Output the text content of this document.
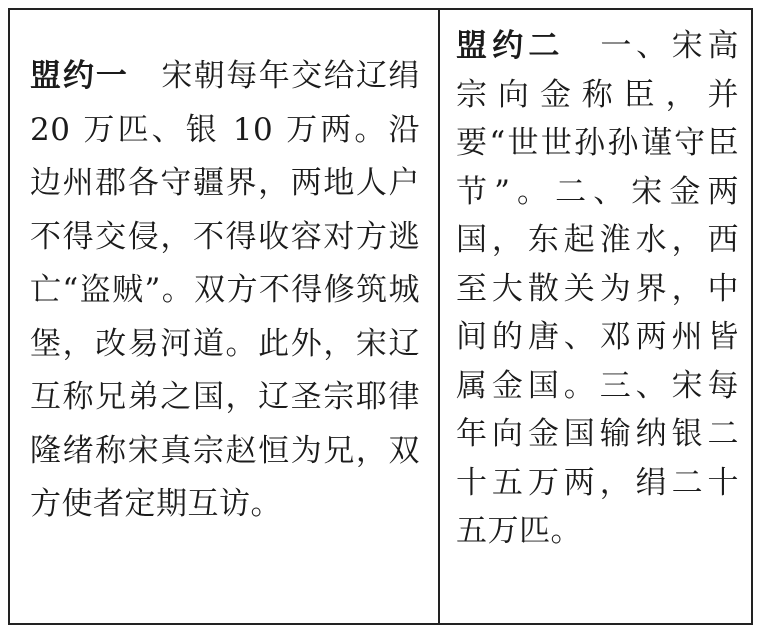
盟约一　宋朝每年交给辽绢 20 万匹、银 10 万两。沿边州郡各守疆界，两地人户不得交侵，不得收容对方逃亡“盗贼”。双方不得修筑城堡，改易河道。此外，宋辽互称兄弟之国，辽圣宗耶律隆绪称宋真宗赵恒为兄，双方使者定期互访。

盟约二　一、宋高宗向金称臣，并要“世世孙孙谨守臣节”。二、宋金两国，东起淮水，西至大散关为界，中间的唐、邓两州皆属金国。三、宋每年向金国输纳银二十五万两，绢二十五万匹。
